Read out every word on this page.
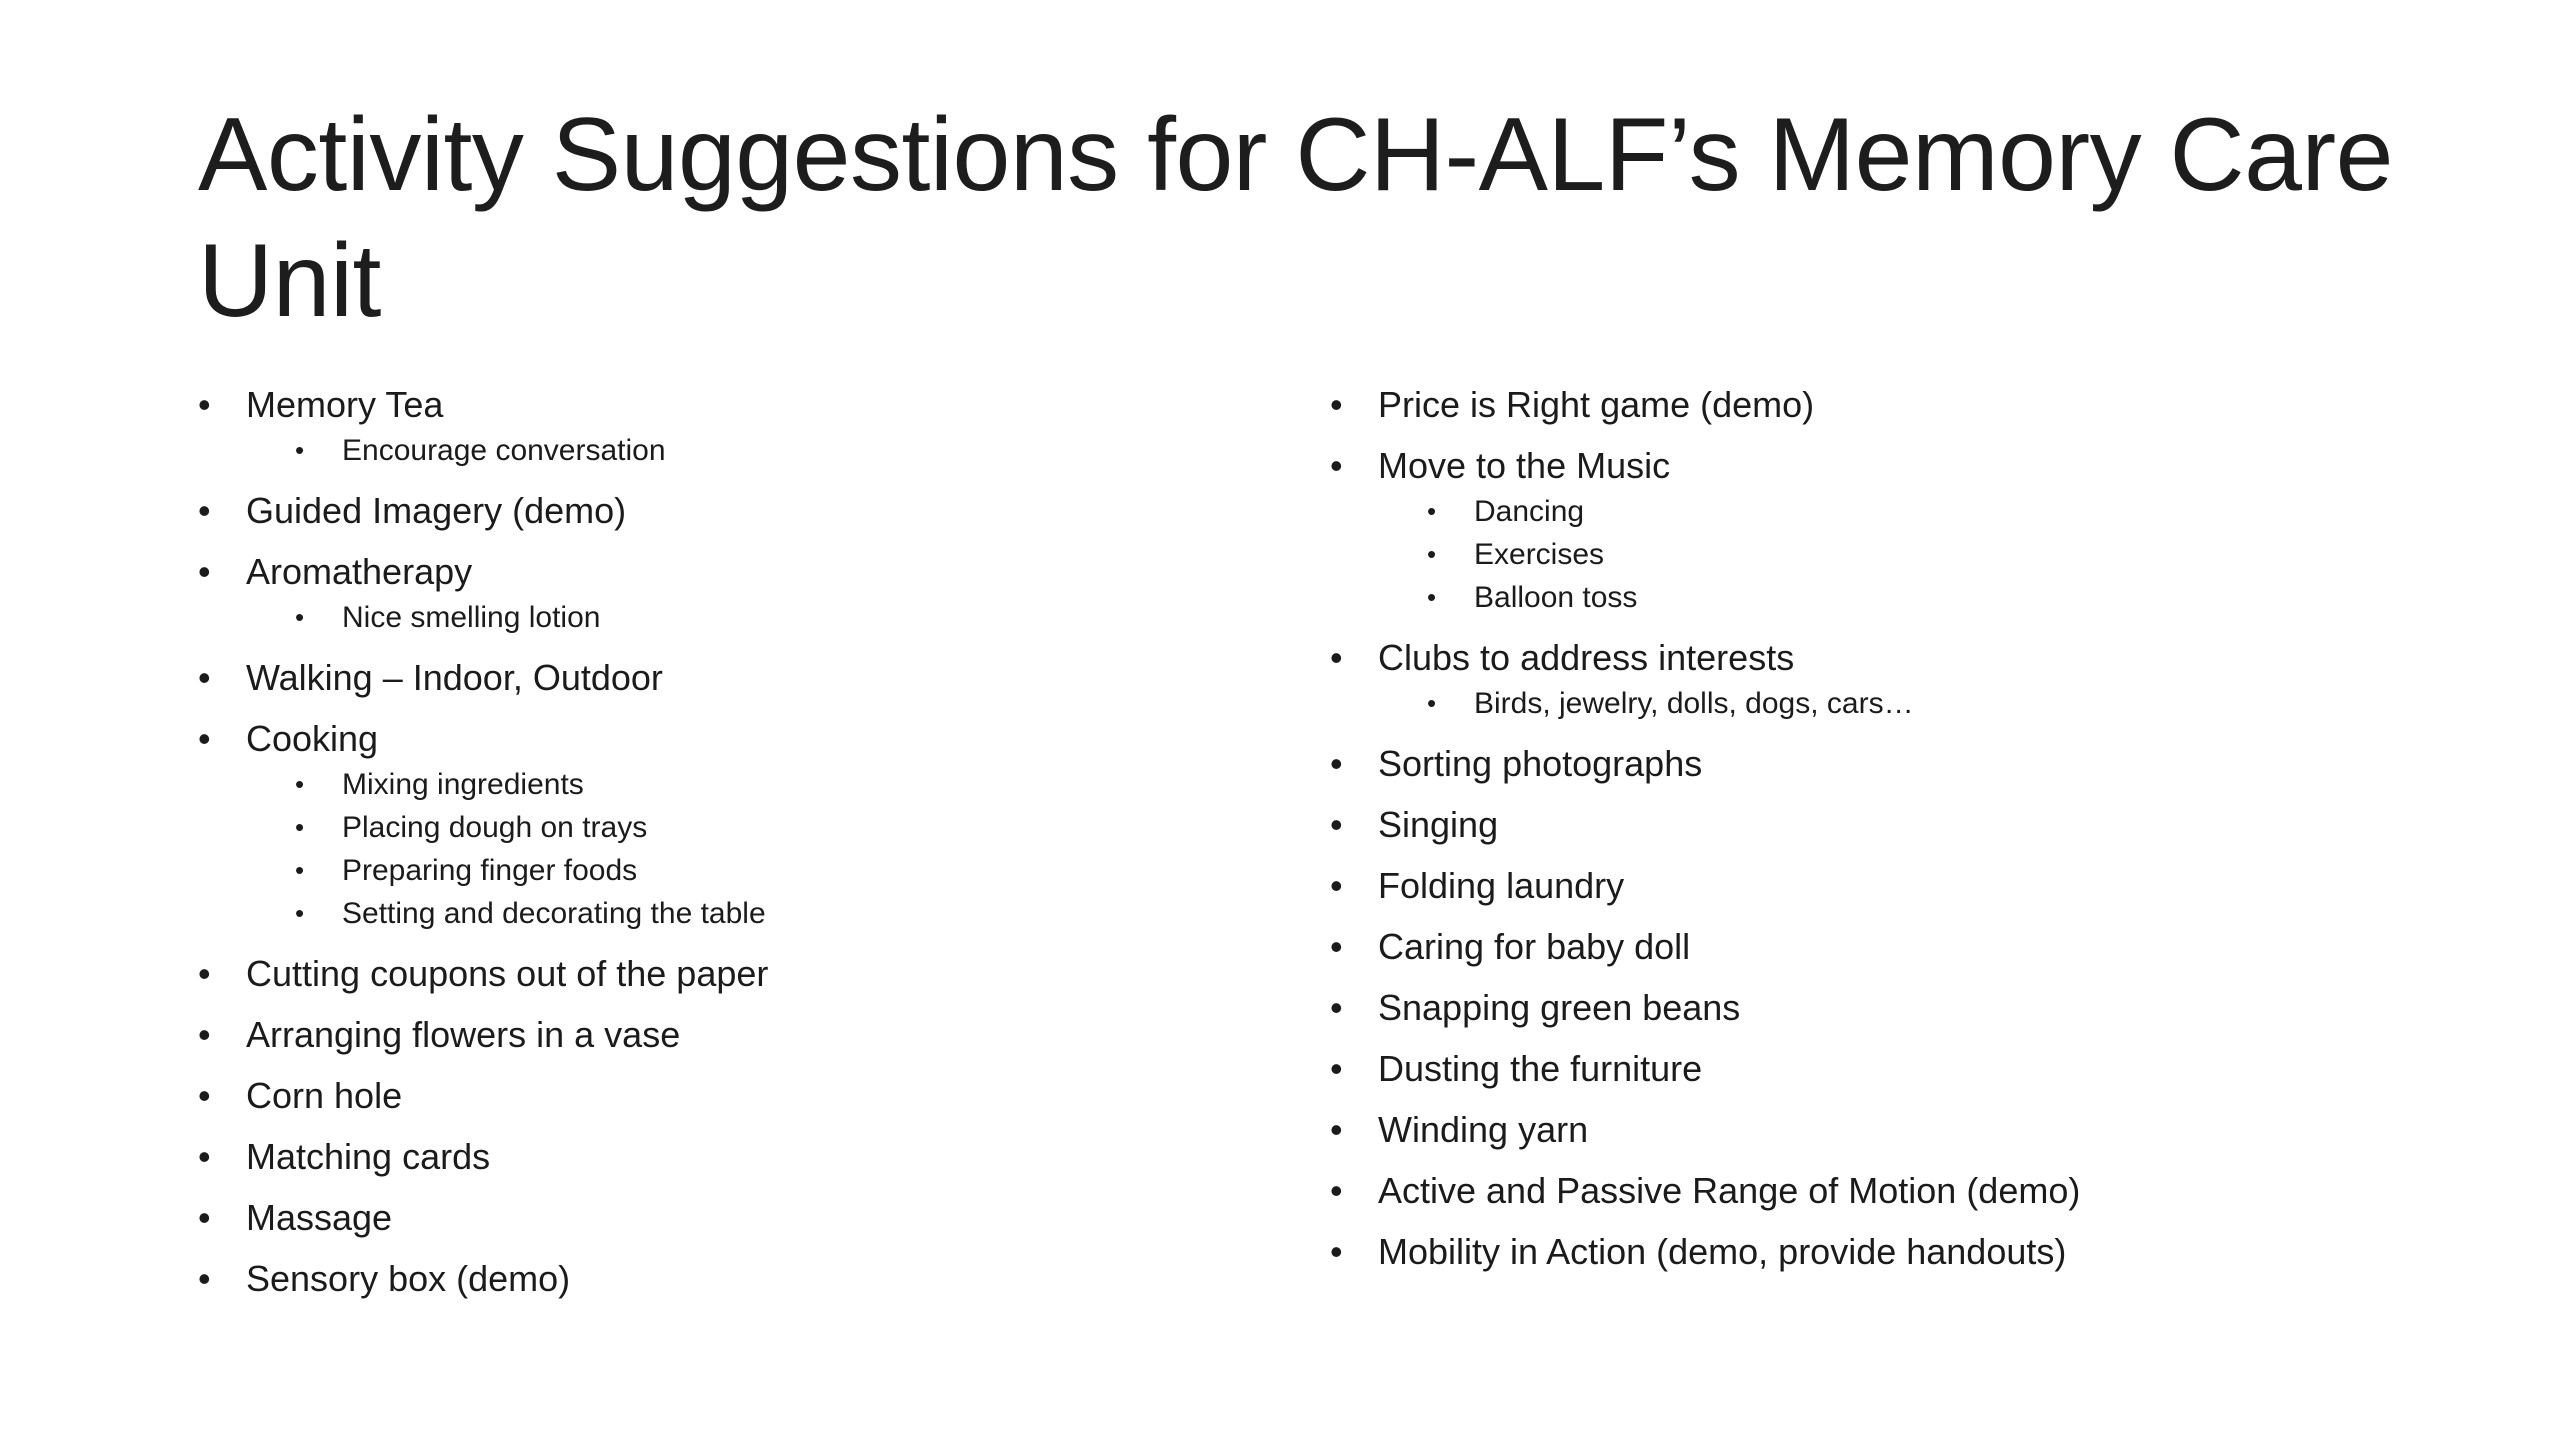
Activity Suggestions for CH-ALF’s Memory Care Unit
• Memory Tea
•	Encourage conversation
• Guided Imagery (demo)
• Aromatherapy
•	Nice smelling lotion
• Walking – Indoor, Outdoor
• Cooking
•	Mixing ingredients
•	Placing dough on trays
•	Preparing finger foods
•	Setting and decorating the table
• Cutting coupons out of the paper
• Arranging flowers in a vase
• Corn hole
• Matching cards
• Massage
• Sensory box (demo)
• Price is Right game (demo)
• Move to the Music
•	Dancing
•	Exercises
•	Balloon toss
• Clubs to address interests
•	Birds, jewelry, dolls, dogs, cars…
• Sorting photographs
• Singing
• Folding laundry
• Caring for baby doll
• Snapping green beans
• Dusting the furniture
• Winding yarn
• Active and Passive Range of Motion (demo)
• Mobility in Action (demo, provide handouts)
